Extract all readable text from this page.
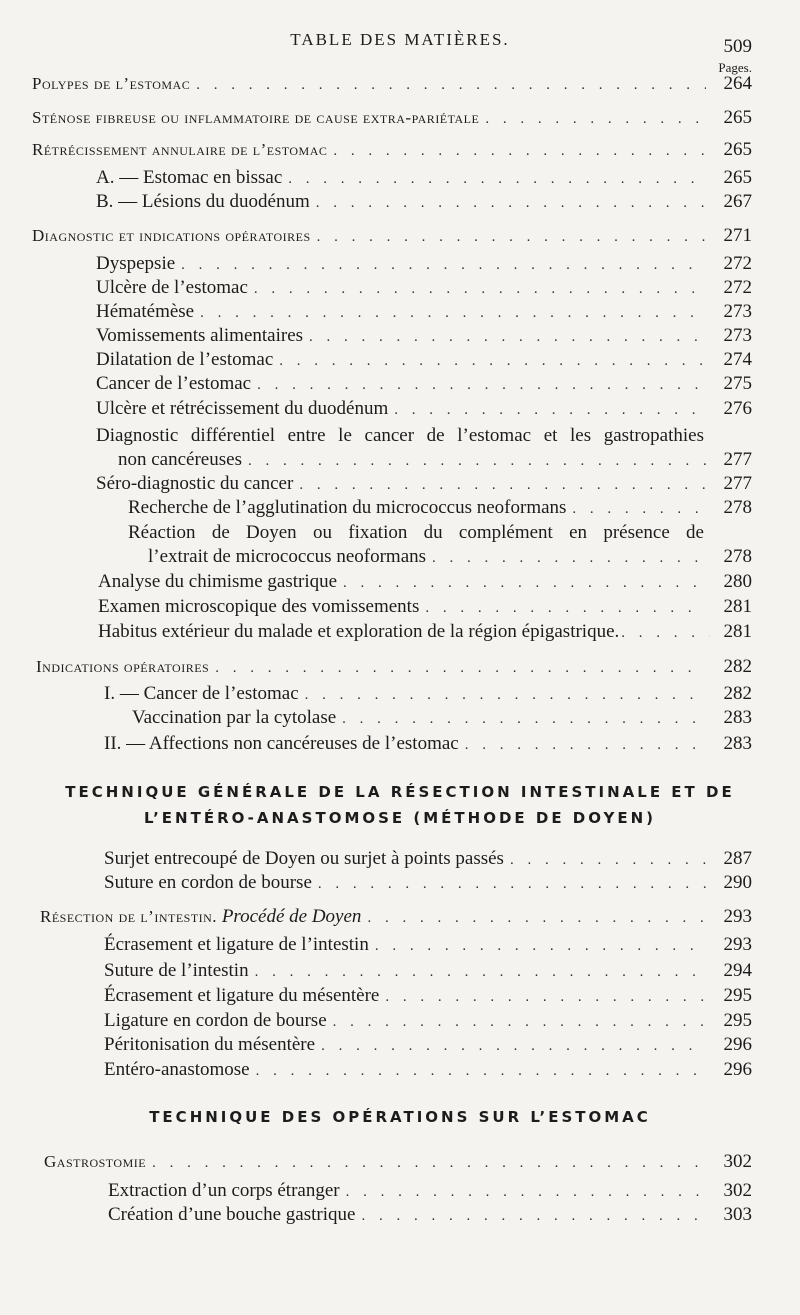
TABLE DES MATIÈRES.	509
Pages.
Polypes de l’estomac . . .	264
Sténose fibreuse ou inflammatoire de cause extra-pariétale . . .	265
Rétrécissement annulaire de l’estomac . . .	265
A. — Estomac en bissac . . .	265
B. — Lésions du duodénum . . .	267
Diagnostic et indications opératoires . . .	271
Dyspepsie . . .	272
Ulcère de l’estomac . . .	272
Hématémèse . . .	273
Vomissements alimentaires . . .	273
Dilatation de l’estomac . . .	274
Cancer de l’estomac . . .	275
Ulcère et rétrécissement du duodénum . . .	276
Diagnostic différentiel entre le cancer de l’estomac et les gastropathies
non cancéreuses . . .	277
Séro-diagnostic du cancer . . .	277
Recherche de l’agglutination du micrococcus neoformans . . .	278
Réaction de Doyen ou fixation du complément en présence de
l’extrait de micrococcus neoformans . . .	278
Analyse du chimisme gastrique . . .	280
Examen microscopique des vomissements . . .	281
Habitus extérieur du malade et exploration de la région épigastrique. . . .	281
Indications opératoires . . .	282
I. — Cancer de l’estomac . . .	282
Vaccination par la cytolase . . .	283
II. — Affections non cancéreuses de l’estomac . . .	283
TECHNIQUE GÉNÉRALE DE LA RÉSECTION INTESTINALE ET DE
L’ENTÉRO-ANASTOMOSE (MÉTHODE DE DOYEN)
Surjet entrecoupé de Doyen ou surjet à points passés . . .	287
Suture en cordon de bourse . . .	290
Résection de l’intestin.
Procédé de Doyen . . .	293
Écrasement et ligature de l’intestin . . .	293
Suture de l’intestin . . .	294
Écrasement et ligature du mésentère . . .	295
Ligature en cordon de bourse . . .	295
Péritonisation du mésentère . . .	296
Entéro-anastomose . . .	296
TECHNIQUE DES OPÉRATIONS SUR L’ESTOMAC
Gastrostomie . . .	302
Extraction d’un corps étranger . . .	302
Création d’une bouche gastrique . . .	303
